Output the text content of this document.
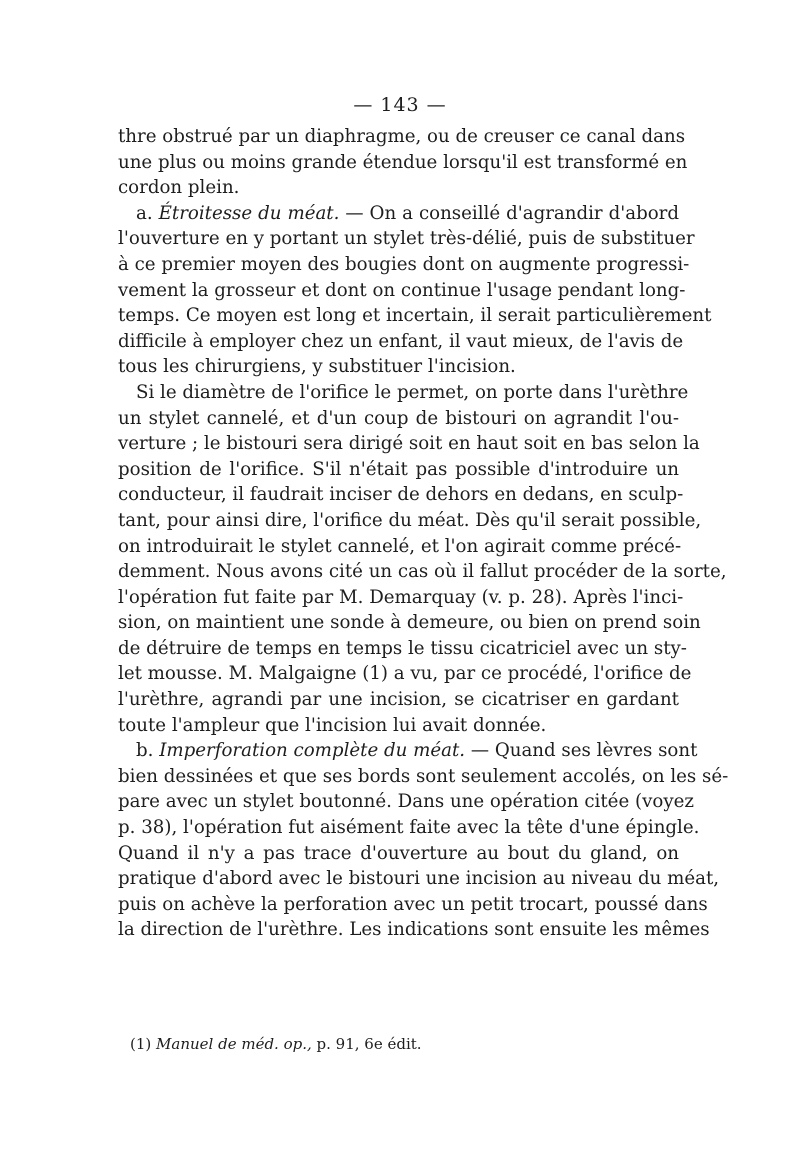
— 143 —
thre obstrué par un diaphragme, ou de creuser ce canal dans
une plus ou moins grande étendue lorsqu'il est transformé en
cordon plein.
a. Étroitesse du méat. — On a conseillé d'agrandir d'abord
l'ouverture en y portant un stylet très-délié, puis de substituer
à ce premier moyen des bougies dont on augmente progressi-
vement la grosseur et dont on continue l'usage pendant long-
temps. Ce moyen est long et incertain, il serait particulièrement
difficile à employer chez un enfant, il vaut mieux, de l'avis de
tous les chirurgiens, y substituer l'incision.
Si le diamètre de l'orifice le permet, on porte dans l'urèthre
un stylet cannelé, et d'un coup de bistouri on agrandit l'ou-
verture ; le bistouri sera dirigé soit en haut soit en bas selon la
position de l'orifice. S'il n'était pas possible d'introduire un
conducteur, il faudrait inciser de dehors en dedans, en sculp-
tant, pour ainsi dire, l'orifice du méat. Dès qu'il serait possible,
on introduirait le stylet cannelé, et l'on agirait comme précé-
demment. Nous avons cité un cas où il fallut procéder de la sorte,
l'opération fut faite par M. Demarquay (v. p. 28). Après l'inci-
sion, on maintient une sonde à demeure, ou bien on prend soin
de détruire de temps en temps le tissu cicatriciel avec un sty-
let mousse. M. Malgaigne (1) a vu, par ce procédé, l'orifice de
l'urèthre, agrandi par une incision, se cicatriser en gardant
toute l'ampleur que l'incision lui avait donnée.
b. Imperforation complète du méat. — Quand ses lèvres sont
bien dessinées et que ses bords sont seulement accolés, on les sé-
pare avec un stylet boutonné. Dans une opération citée (voyez
p. 38), l'opération fut aisément faite avec la tête d'une épingle.
Quand il n'y a pas trace d'ouverture au bout du gland, on
pratique d'abord avec le bistouri une incision au niveau du méat,
puis on achève la perforation avec un petit trocart, poussé dans
la direction de l'urèthre. Les indications sont ensuite les mêmes
(1) Manuel de méd. op., p. 91, 6e édit.
